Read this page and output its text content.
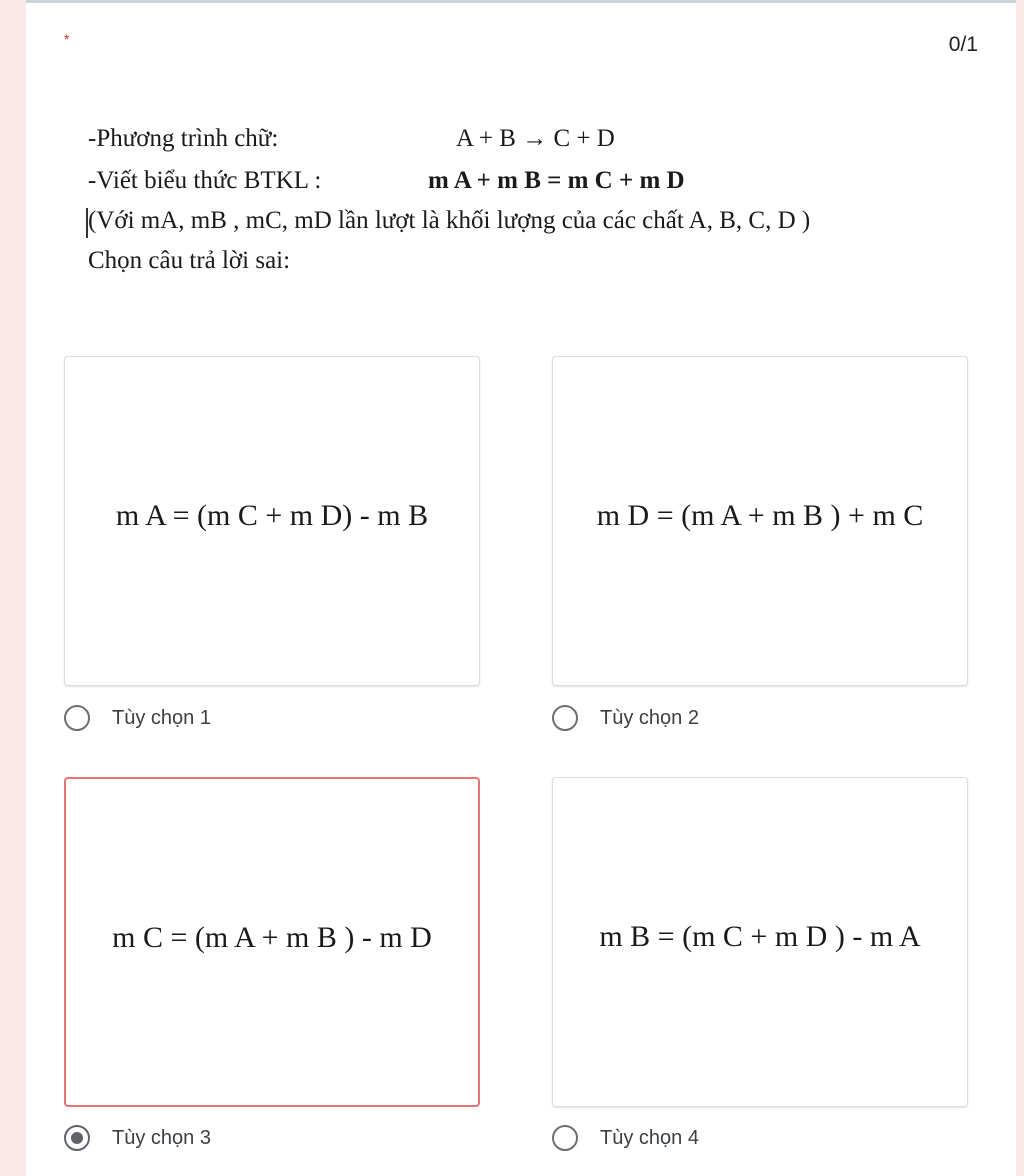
*	0/1
-Phương trình chữ:	A + B → C + D
-Viết biểu thức BTKL :	m A + m B = m C + m D
(Với mA, mB , mC, mD lần lượt là khối lượng của các chất A, B, C, D )
Chọn câu trả lời sai:
m A = (m C + m D) - m B
Tùy chọn 1
m D = (m A + m B ) + m C
Tùy chọn 2
m C = (m A + m B ) - m D
Tùy chọn 3
m B = (m C + m D ) - m A
Tùy chọn 4
